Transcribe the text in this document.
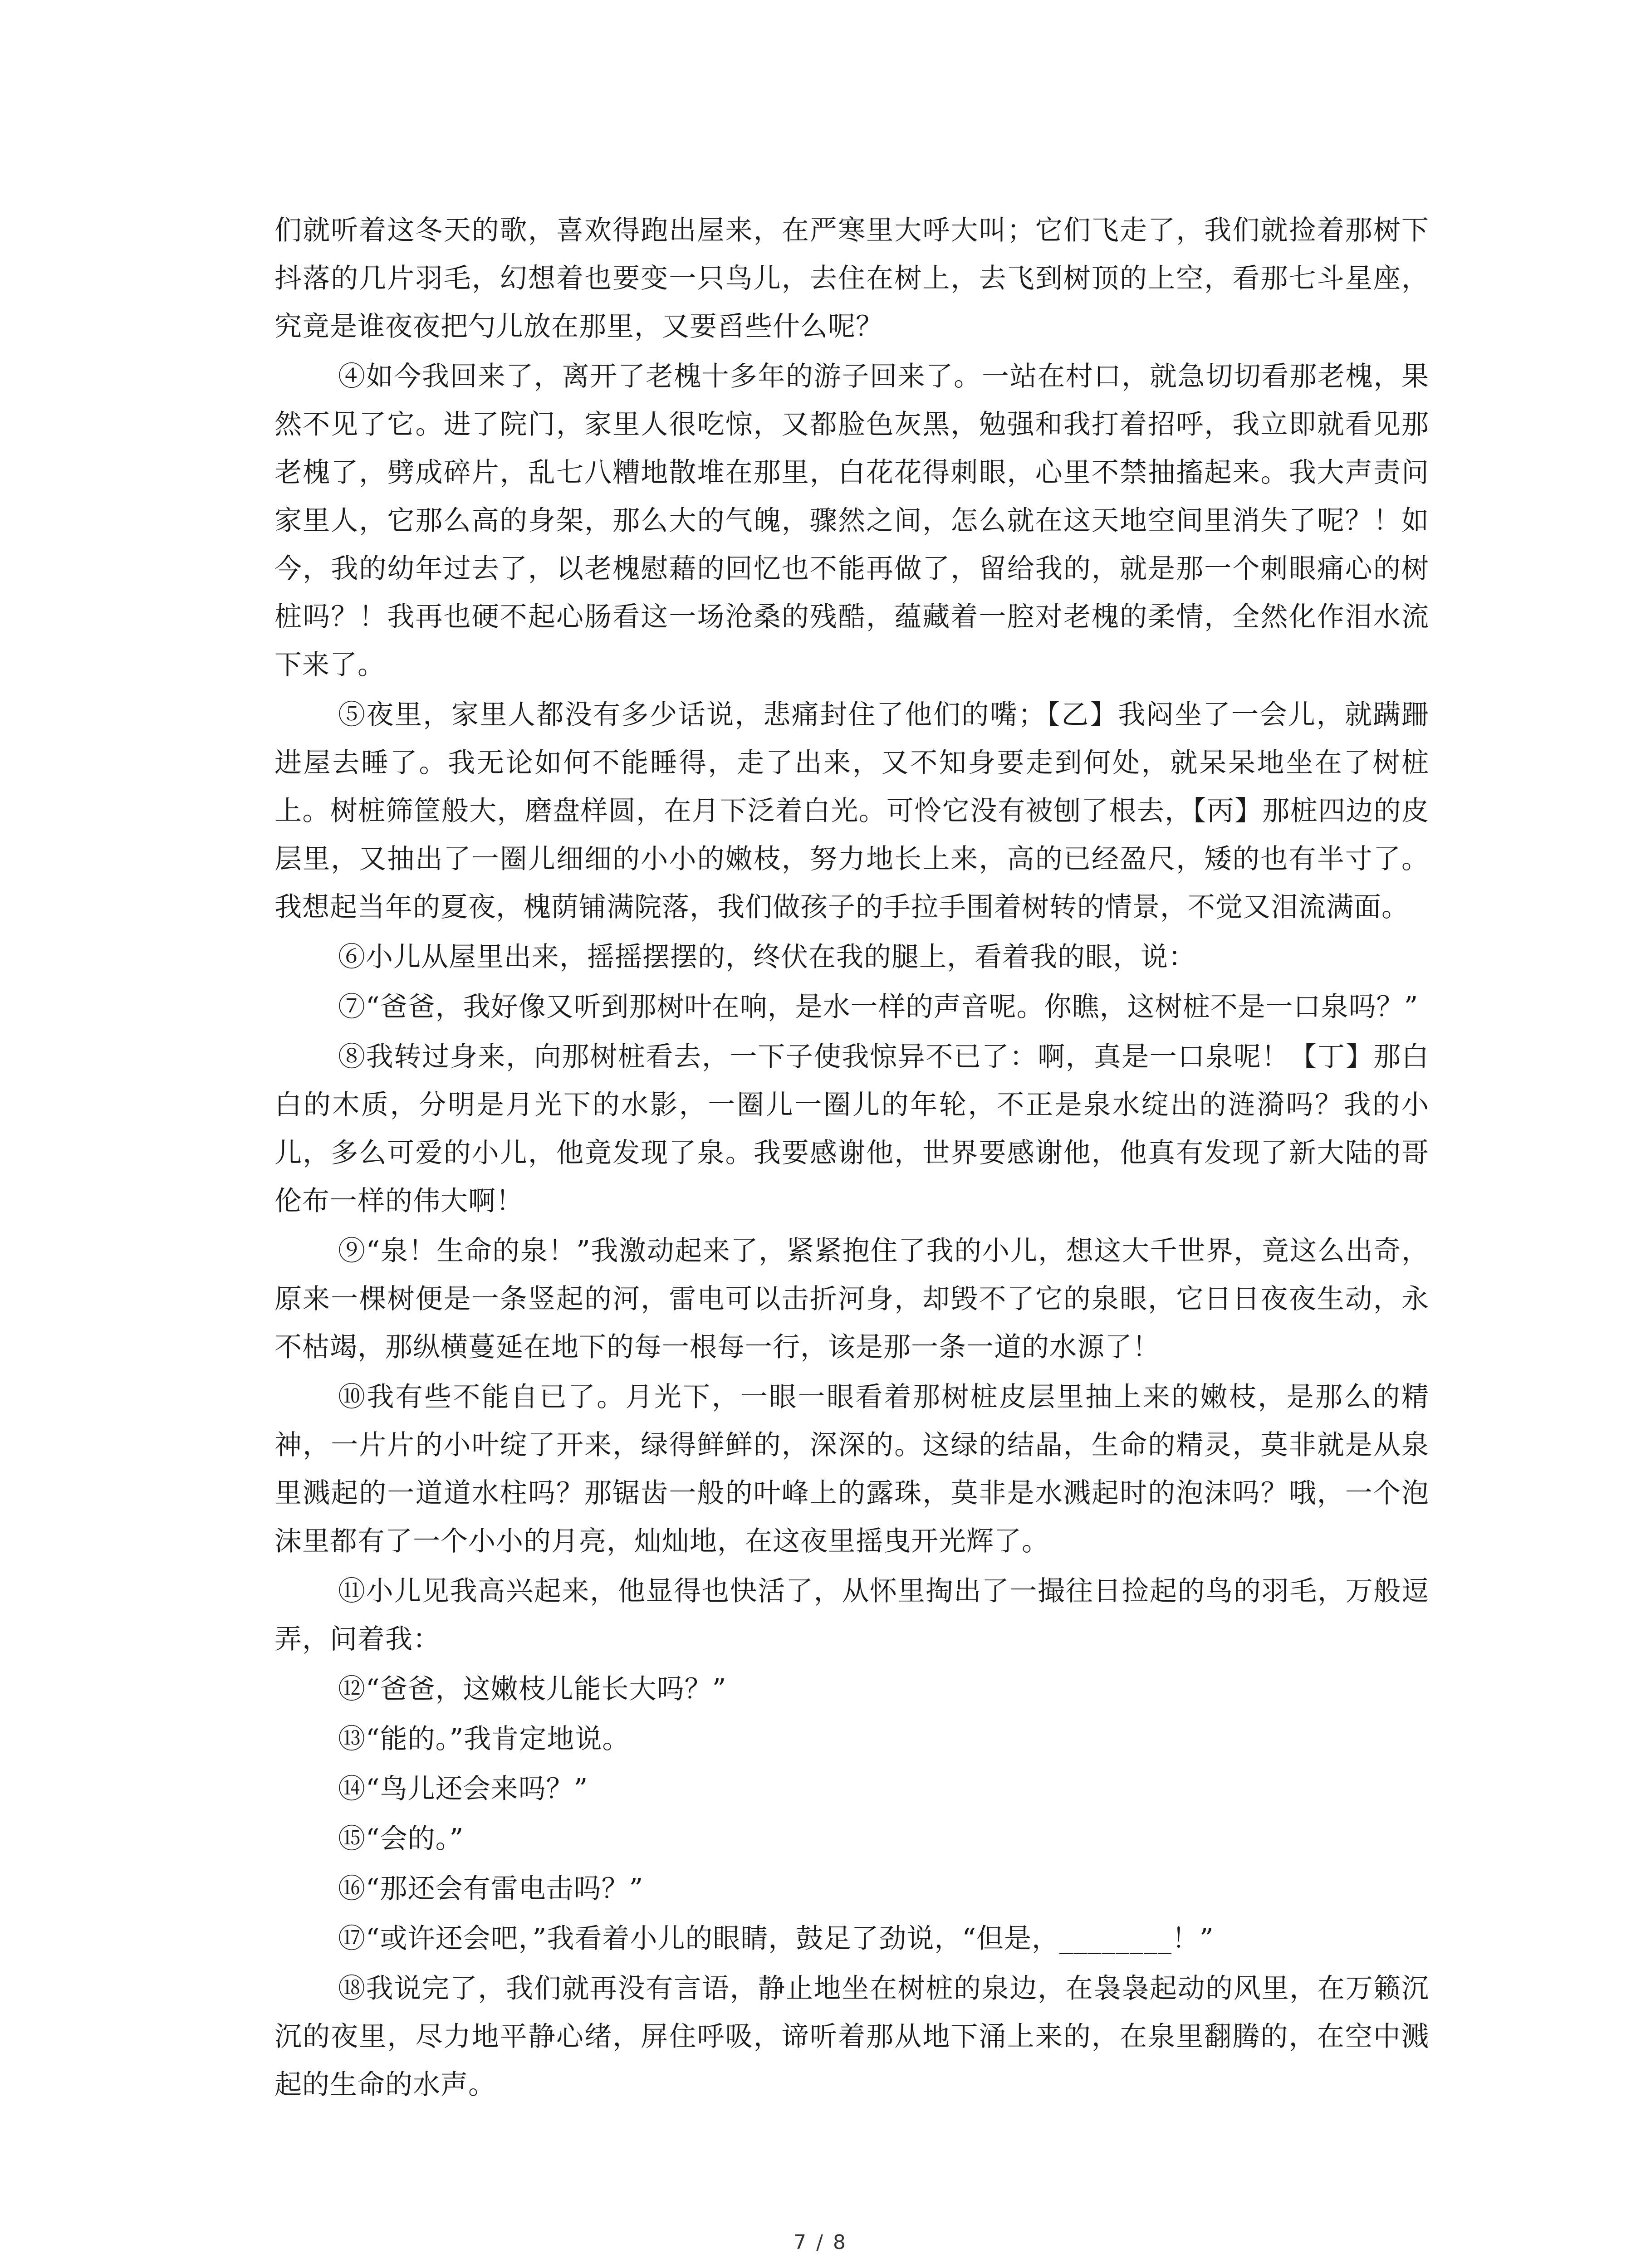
们就听着这冬天的歌，喜欢得跑出屋来，在严寒里大呼大叫；它们飞走了，我们就捡着那树下抖落的几片羽毛，幻想着也要变一只鸟儿，去住在树上，去飞到树顶的上空，看那七斗星座，究竟是谁夜夜把勺儿放在那里，又要舀些什么呢？

④如今我回来了，离开了老槐十多年的游子回来了。一站在村口，就急切切看那老槐，果然不见了它。进了院门，家里人很吃惊，又都脸色灰黑，勉强和我打着招呼，我立即就看见那老槐了，劈成碎片，乱七八糟地散堆在那里，白花花得刺眼，心里不禁抽搐起来。我大声责问家里人，它那么高的身架，那么大的气魄，骤然之间，怎么就在这天地空间里消失了呢？！如今，我的幼年过去了，以老槐慰藉的回忆也不能再做了，留给我的，就是那一个刺眼痛心的树桩吗？！我再也硬不起心肠看这一场沧桑的残酷，蕴藏着一腔对老槐的柔情，全然化作泪水流下来了。

⑤夜里，家里人都没有多少话说，悲痛封住了他们的嘴；【乙】我闷坐了一会儿，就蹒跚进屋去睡了。我无论如何不能睡得，走了出来，又不知身要走到何处，就呆呆地坐在了树桩上。树桩筛筐般大，磨盘样圆，在月下泛着白光。可怜它没有被刨了根去，【丙】那桩四边的皮层里，又抽出了一圈儿细细的小小的嫩枝，努力地长上来，高的已经盈尺，矮的也有半寸了。我想起当年的夏夜，槐荫铺满院落，我们做孩子的手拉手围着树转的情景，不觉又泪流满面。

⑥小儿从屋里出来，摇摇摆摆的，终伏在我的腿上，看着我的眼，说：

⑦“爸爸，我好像又听到那树叶在响，是水一样的声音呢。你瞧，这树桩不是一口泉吗？”

⑧我转过身来，向那树桩看去，一下子使我惊异不已了：啊，真是一口泉呢！【丁】那白白的木质，分明是月光下的水影，一圈儿一圈儿的年轮，不正是泉水绽出的涟漪吗？我的小儿，多么可爱的小儿，他竟发现了泉。我要感谢他，世界要感谢他，他真有发现了新大陆的哥伦布一样的伟大啊！

⑨“泉！生命的泉！”我激动起来了，紧紧抱住了我的小儿，想这大千世界，竟这么出奇，原来一棵树便是一条竖起的河，雷电可以击折河身，却毁不了它的泉眼，它日日夜夜生动，永不枯竭，那纵横蔓延在地下的每一根每一行，该是那一条一道的水源了！

⑩我有些不能自已了。月光下，一眼一眼看着那树桩皮层里抽上来的嫩枝，是那么的精神，一片片的小叶绽了开来，绿得鲜鲜的，深深的。这绿的结晶，生命的精灵，莫非就是从泉里溅起的一道道水柱吗？那锯齿一般的叶峰上的露珠，莫非是水溅起时的泡沫吗？哦，一个泡沫里都有了一个小小的月亮，灿灿地，在这夜里摇曳开光辉了。

⑪小儿见我高兴起来，他显得也快活了，从怀里掏出了一撮往日捡起的鸟的羽毛，万般逗弄，问着我：

⑫“爸爸，这嫩枝儿能长大吗？”

⑬“能的。”我肯定地说。

⑭“鸟儿还会来吗？”

⑮“会的。”

⑯“那还会有雷电击吗？”

⑰“或许还会吧，”我看着小儿的眼睛，鼓足了劲说，“但是，________！”

⑱我说完了，我们就再没有言语，静止地坐在树桩的泉边，在袅袅起动的风里，在万籁沉沉的夜里，尽力地平静心绪，屏住呼吸，谛听着那从地下涌上来的，在泉里翻腾的，在空中溅起的生命的水声。

7 / 8
